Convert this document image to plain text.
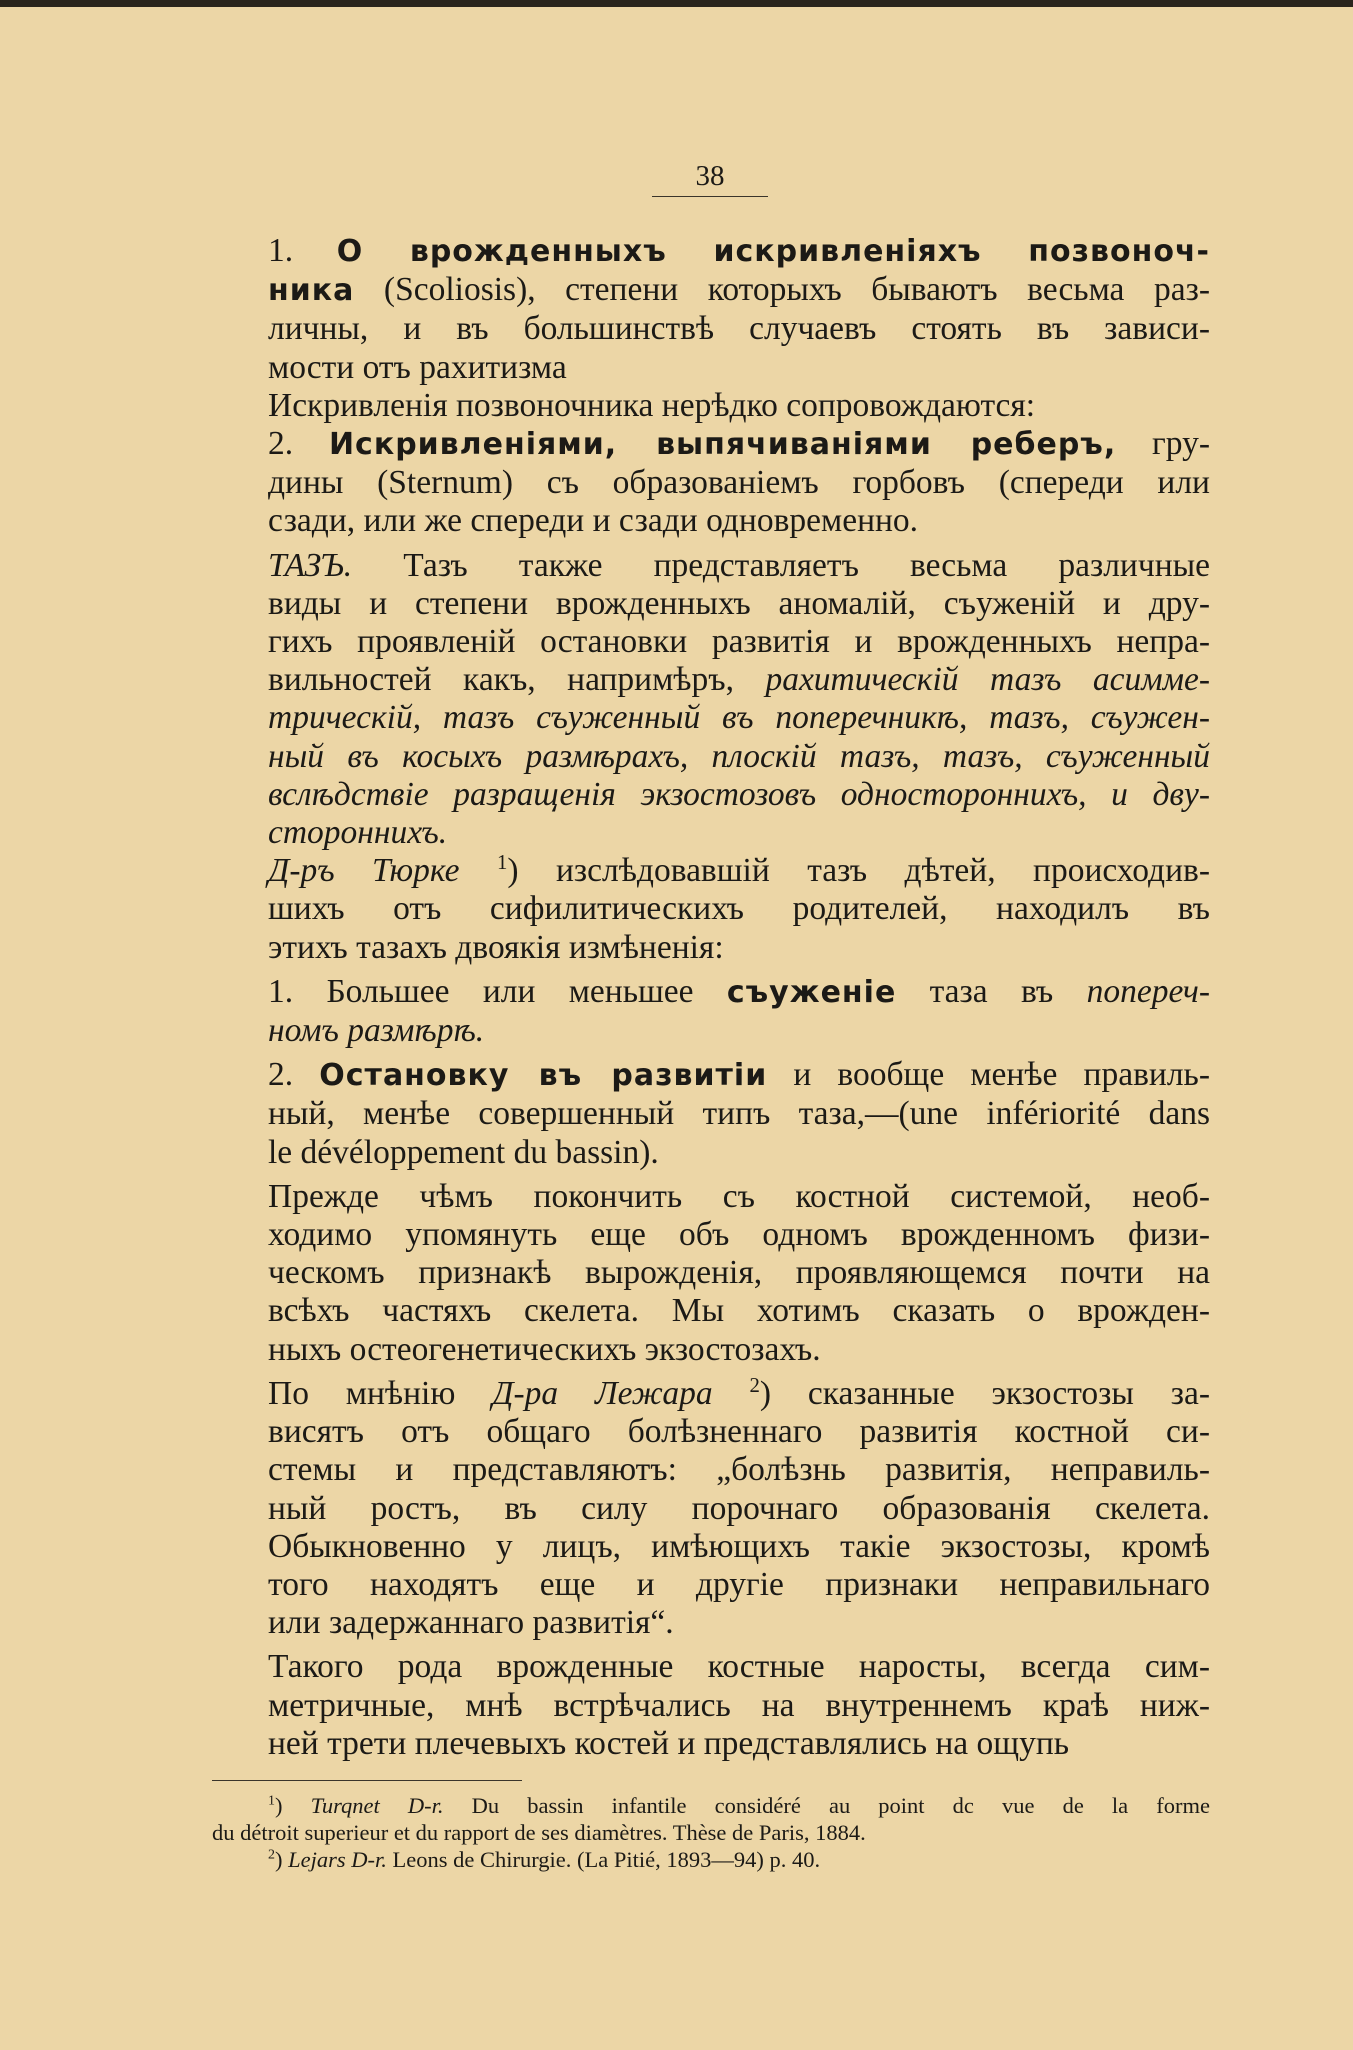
38

1. О врожденныхъ искривленiяхъ позвоноч-
ника (Scoliosis), степени которыхъ бываютъ весьма раз-
личны, и въ большинствѣ случаевъ стоять въ зависи-
мости отъ рахитизма

Искривленiя позвоночника нерѣдко сопровождаются:

2. Искривленiями, выпячиванiями реберъ, гру-
дины (Sternum) съ образованiемъ горбовъ (спереди или
сзади, или же спереди и сзади одновременно.

ТАЗЪ. Тазъ также представляетъ весьма различные
виды и степени врожденныхъ аномалiй, съуженiй и дру-
гихъ проявленiй остановки развитiя и врожденныхъ непра-
вильностей какъ, напримѣръ, рахитическiй тазъ асимме-
трическiй, тазъ съуженный въ поперечникѣ, тазъ, съужен-
ный въ косыхъ размѣрахъ, плоскiй тазъ, тазъ, съуженный
вслѣдствiе разращенiя экзостозовъ одностороннихъ, и дву-
стороннихъ.

Д-ръ Тюрке $^1$) изслѣдовавшiй тазъ дѣтей, происходив-
шихъ отъ сифилитическихъ родителей, находилъ въ
этихъ тазахъ двоякiя измѣненiя:

1. Большее или меньшее съуженiе таза въ попереч-
номъ размѣрѣ.

2. Остановку въ развитiи и вообще менѣе правиль-
ный, менѣе совершенный типъ таза,—(une infériorité dans
le dévéloppement du bassin).

Прежде чѣмъ покончить съ костной системой, необ-
ходимо упомянуть еще объ одномъ врожденномъ физи-
ческомъ признакѣ вырожденiя, проявляющемся почти на
всѣхъ частяхъ скелета. Мы хотимъ сказать о врожден-
ныхъ остеогенетическихъ экзостозахъ.

По мнѣнiю Д-ра Лежара $^2$) сказанные экзостозы за-
висятъ отъ общаго болѣзненнаго развитiя костной си-
стемы и представляютъ: „болѣзнь развитiя, неправиль-
ный ростъ, въ силу порочнаго образованiя скелета.
Обыкновенно у лицъ, имѣющихъ такiе экзостозы, кромѣ
того находятъ еще и другiе признаки неправильнаго
или задержаннаго развитiя“.

Такого рода врожденные костные наросты, всегда сим-
метричные, мнѣ встрѣчались на внутреннемъ краѣ ниж-
ней трети плечевыхъ костей и представлялись на ощупь

$^1$) Turqnet D-r. Du bassin infantile considéré au point dc vue de la forme
du détroit superieur et du rapport de ses diamètres. Thèse de Paris, 1884.
$^2$) Lejars D-r. Leons de Chirurgie. (La Pitié, 1893—94) p. 40.
